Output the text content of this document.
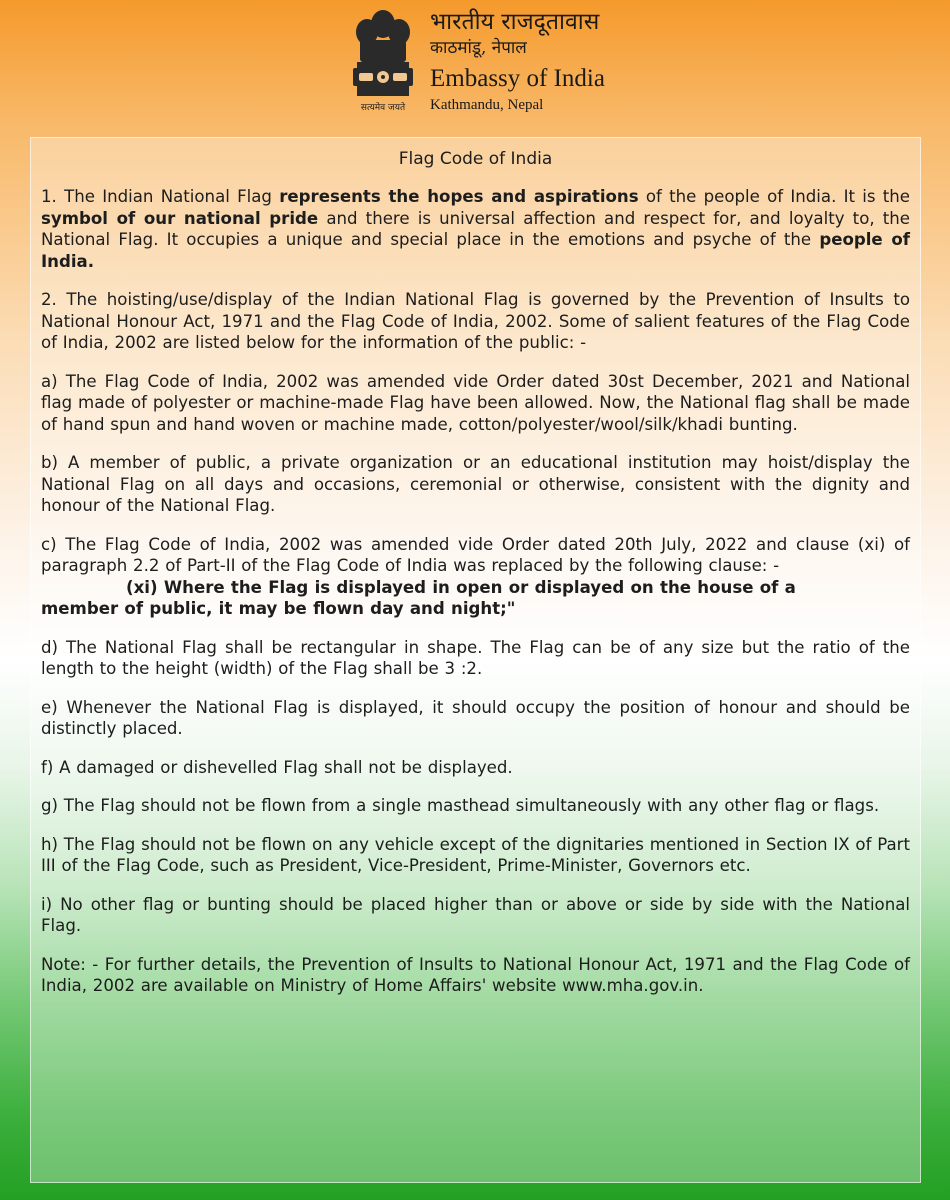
सत्यमेव जयते
भारतीय राजदूतावास
काठमांडू, नेपाल
Embassy of India
Kathmandu, Nepal
Flag Code of India

1. The Indian National Flag represents the hopes and aspirations of the people of India. It is the symbol of our national pride and there is universal affection and respect for, and loyalty to, the National Flag. It occupies a unique and special place in the emotions and psyche of the people of India.

2. The hoisting/use/display of the Indian National Flag is governed by the Prevention of Insults to National Honour Act, 1971 and the Flag Code of India, 2002. Some of salient features of the Flag Code of India, 2002 are listed below for the information of the public: -

a) The Flag Code of India, 2002 was amended vide Order dated 30st December, 2021 and National flag made of polyester or machine-made Flag have been allowed. Now, the National flag shall be made of hand spun and hand woven or machine made, cotton/polyester/wool/silk/khadi bunting.

b) A member of public, a private organization or an educational institution may hoist/display the National Flag on all days and occasions, ceremonial or otherwise, consistent with the dignity and honour of the National Flag.

c) The Flag Code of India, 2002 was amended vide Order dated 20th July, 2022 and clause (xi) of paragraph 2.2 of Part-II of the Flag Code of India was replaced by the following clause: -
(xi) Where the Flag is displayed in open or displayed on the house of a
member of public, it may be flown day and night;"

d) The National Flag shall be rectangular in shape. The Flag can be of any size but the ratio of the length to the height (width) of the Flag shall be 3 :2.

e) Whenever the National Flag is displayed, it should occupy the position of honour and should be distinctly placed.

f) A damaged or dishevelled Flag shall not be displayed.

g) The Flag should not be flown from a single masthead simultaneously with any other flag or flags.

h) The Flag should not be flown on any vehicle except of the dignitaries mentioned in Section IX of Part III of the Flag Code, such as President, Vice-President, Prime-Minister, Governors etc.

i) No other flag or bunting should be placed higher than or above or side by side with the National Flag.

Note: - For further details, the Prevention of Insults to National Honour Act, 1971 and the Flag Code of India, 2002 are available on Ministry of Home Affairs' website www.mha.gov.in.
